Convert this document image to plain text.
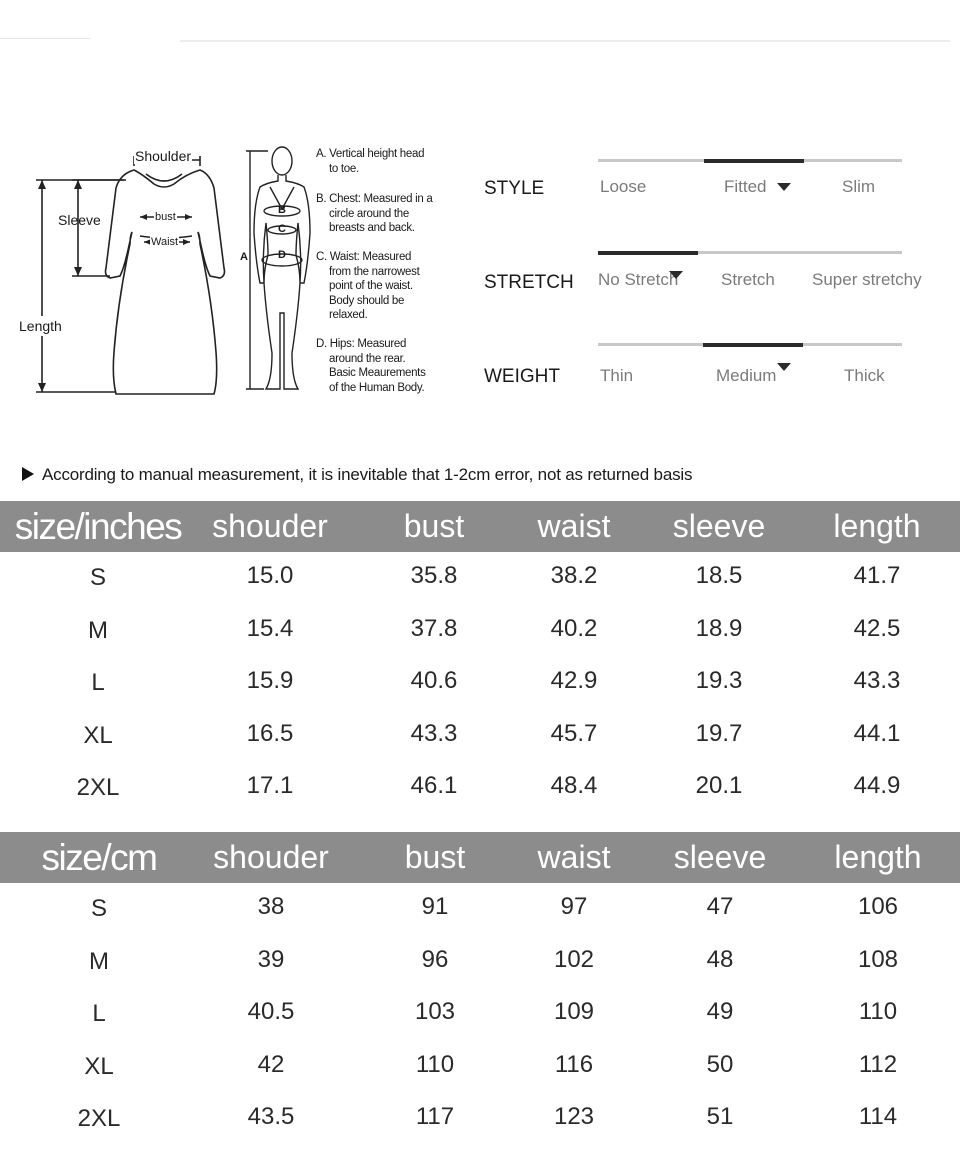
Shoulder
Sleeve	bust
Waist
Length
A
B
C
D
A. Vertical height head
to toe.
B. Chest: Measured in a
circle around the
breasts and back.
C. Waist: Measured
from the narrowest
point of the waist.
Body should be
relaxed.
D. Hips: Measured
around the rear.
Basic Meaurements
of the Human Body.
STYLE	Loose	Fitted	Slim
STRETCH No Stretch	Stretch Super stretchy
WEIGHT Thin	Medium	Thick
According to manual measurement, it is inevitable that 1-2cm error, not as returned basis
size/inches shouder bust waist sleeve length
S	15.0	35.8	38.2	18.5	41.7
M	15.4	37.8	40.2	18.9	42.5
L	15.9	40.6	42.9	19.3	43.3
XL	16.5	43.3	45.7	19.7	44.1
2XL	17.1	46.1	48.4	20.1	44.9
size/cm shouder bust waist sleeve length
S	38	91	97	47	106
M	39	96	102	48	108
L	40.5	103	109	49	110
XL	42	110	116	50	112
2XL	43.5	117	123	51	114
